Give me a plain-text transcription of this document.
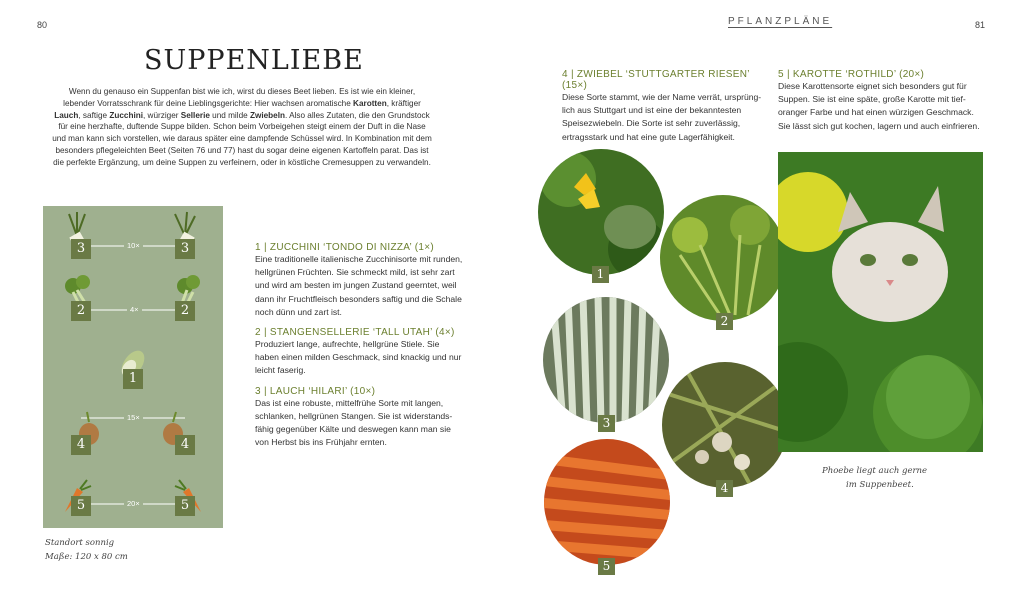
80	81
PFLANZPLÄNE
SUPPENLIEBE
Wenn du genauso ein Suppenfan bist wie ich, wirst du dieses Beet lieben. Es ist wie ein kleiner, lebender Vorratsschrank für deine Lieblingsgerichte: Hier wachsen aromatische Karotten, kräftiger Lauch, saftige Zucchini, würziger Sellerie und milde Zwiebeln. Also alles Zutaten, die den Grundstock für eine herzhafte, duftende Suppe bilden. Schon beim Vorbeigehen steigt einem der Duft in die Nase und man kann sich vorstellen, wie daraus später eine dampfende Schüssel wird. In Kombination mit dem besonders pflegeleichten Beet (Seiten 76 und 77) hast du sogar deine eigenen Kartoffeln parat. Das ist die perfekte Ergänzung, um deine Suppen zu verfeinern, oder in köstliche Cremesuppen zu verwandeln.
10×
4×
15×
20×
3	3
2	2
1
4	4
5	5
Standort sonnig
Maße: 120 x 80 cm
1 | ZUCCHINI ‘TONDO DI NIZZA’ (1×)
Eine traditionelle italienische Zucchinisorte mit runden, hellgrünen Früchten. Sie schmeckt mild, ist sehr zart und wird am besten im jungen Zustand geerntet, weil dann ihr Fruchtfleisch besonders saftig und die Schale noch dünn und zart ist.
2 | STANGENSELLERIE ‘TALL UTAH’ (4×)
Produziert lange, aufrechte, hellgrüne Stiele. Sie haben einen milden Geschmack, sind knackig und nur leicht faserig.
3 | LAUCH ‘HILARI’ (10×)
Das ist eine robuste, mittelfrühe Sorte mit langen, schlanken, hellgrünen Stangen. Sie ist widerstands-fähig gegenüber Kälte und deswegen kann man sie von Herbst bis ins Frühjahr ernten.
4 | ZWIEBEL ‘STUTTGARTER RIESEN’ (15×)
Diese Sorte stammt, wie der Name verrät, ursprüng-lich aus Stuttgart und ist eine der bekanntesten Speisezwiebeln. Die Sorte ist sehr zuverlässig, ertragsstark und hat eine gute Lagerfähigkeit.
5 | KAROTTE ‘ROTHILD’ (20×)
Diese Karottensorte eignet sich besonders gut für Suppen. Sie ist eine späte, große Karotte mit tief-oranger Farbe und hat einen würzigen Geschmack. Sie lässt sich gut kochen, lagern und auch einfrieren.
1
2
3
4
5
Phoebe liegt auch gerne
im Suppenbeet.
